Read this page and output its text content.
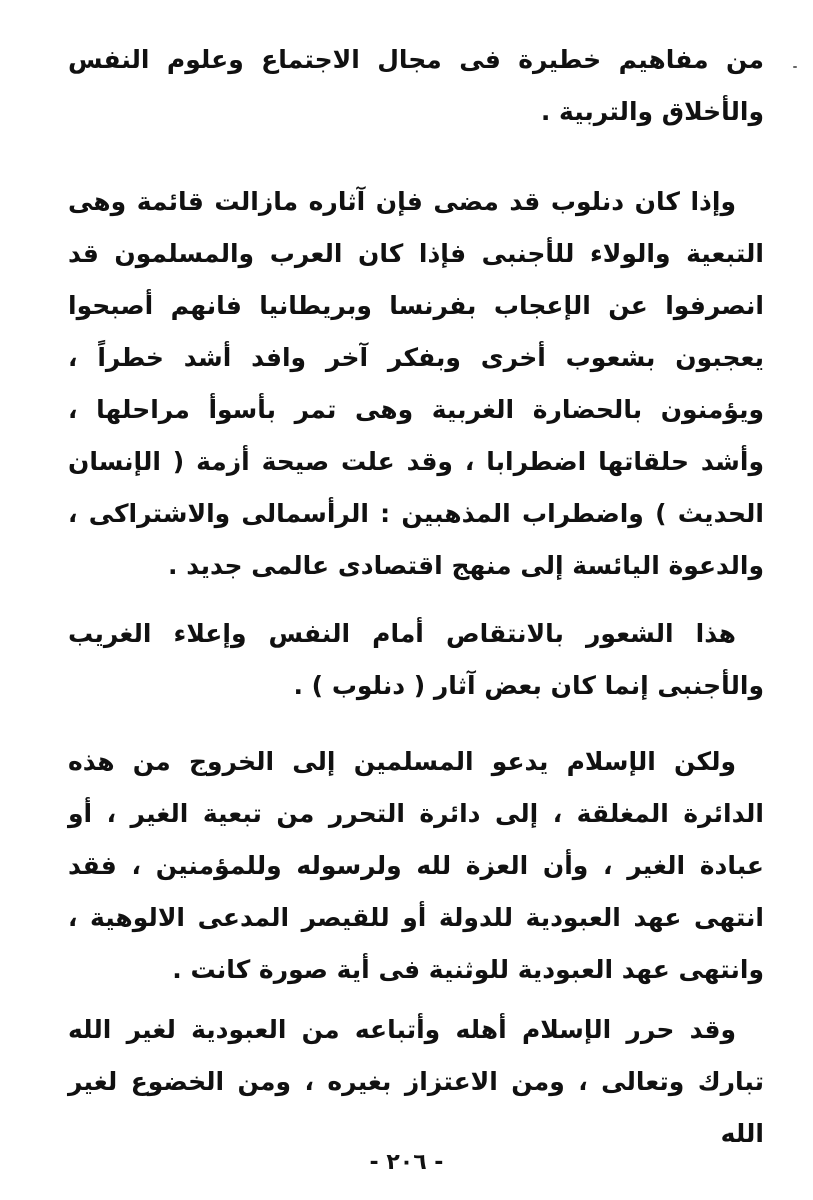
من مفاهيم خطيرة فى مجال الاجتماع وعلوم النفس والأخلاق والتربية .

وإذا كان دنلوب قد مضى فإن آثاره مازالت قائمة وهى التبعية والولاء للأجنبى فإذا كان العرب والمسلمون قد انصرفوا عن الإعجاب بفرنسا وبريطانيا فانهم أصبحوا يعجبون بشعوب أخرى وبفكر آخر وافد أشد خطراً ، ويؤمنون بالحضارة الغربية وهى تمر بأسوأ مراحلها ، وأشد حلقاتها اضطرابا ، وقد علت صيحة أزمة ( الإنسان الحديث ) واضطراب المذهبين : الرأسمالى والاشتراكى ، والدعوة اليائسة إلى منهج اقتصادى عالمى جديد .

هذا الشعور بالانتقاص أمام النفس وإعلاء الغريب والأجنبى إنما كان بعض آثار ( دنلوب ) .

ولكن الإسلام يدعو المسلمين إلى الخروج من هذه الدائرة المغلقة ، إلى دائرة التحرر من تبعية الغير ، أو عبادة الغير ، وأن العزة لله ولرسوله وللمؤمنين ، فقد انتهى عهد العبودية للدولة أو للقيصر المدعى الالوهية ، وانتهى عهد العبودية للوثنية فى أية صورة كانت .

وقد حرر الإسلام أهله وأتباعه من العبودية لغير الله تبارك وتعالى ، ومن الاعتزاز بغيره ، ومن الخضوع لغير الله

- ٢٠٦ -
